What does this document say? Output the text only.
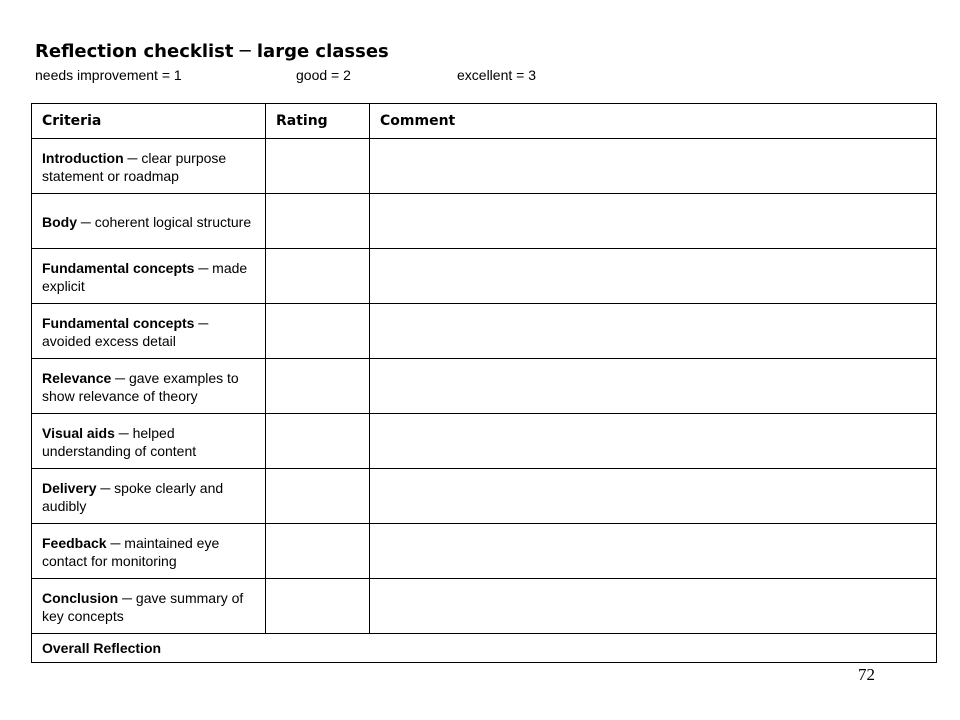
Reflection checklist ─ large classes
needs improvement = 1	good = 2	excellent = 3
Criteria	Rating	Comment
Introduction ─ clear purpose statement or roadmap		
Body ─ coherent logical structure		
Fundamental concepts ─ made explicit		
Fundamental concepts ─ avoided excess detail		
Relevance ─ gave examples to show relevance of theory		
Visual aids ─ helped understanding of content		
Delivery ─ spoke clearly and audibly		
Feedback ─ maintained eye contact for monitoring		
Conclusion ─ gave summary of key concepts		
Overall Reflection		
72
